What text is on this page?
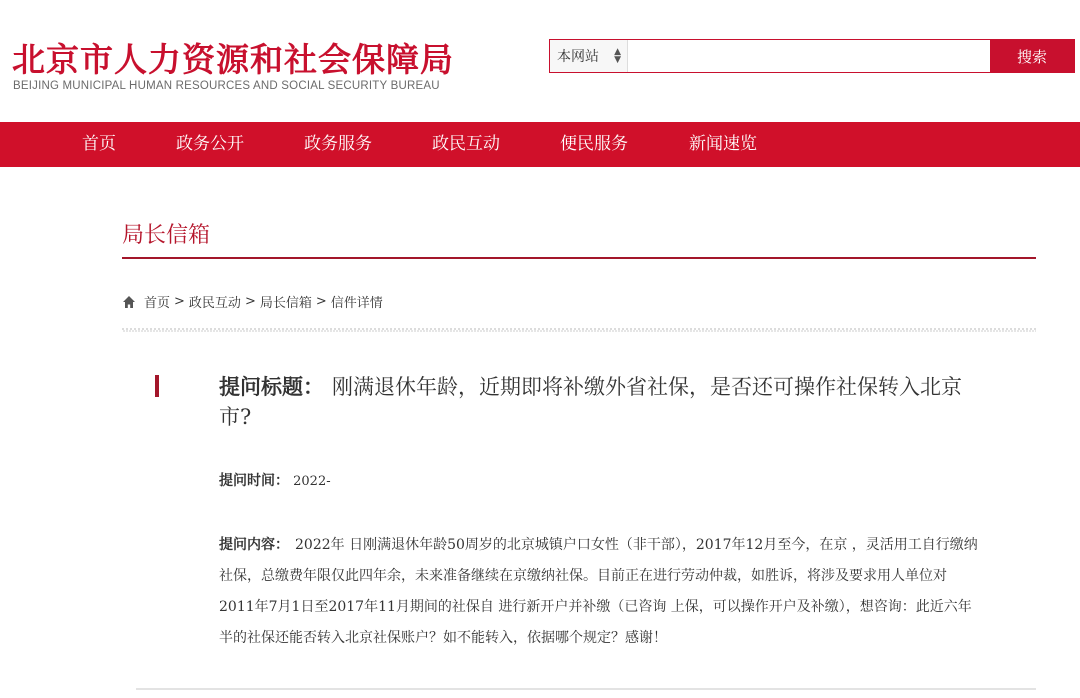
北京市人力资源和社会保障局
BEIJING MUNICIPAL HUMAN RESOURCES AND SOCIAL SECURITY BUREAU
本网站 ▲
▼	搜索
首页	政务公开	政务服务	政民互动	便民服务	新闻速览
局长信箱
首页 > 政民互动 > 局长信箱 > 信件详情
提问标题： 刚满退休年龄，近期即将补缴外省社保，是否还可操作社保转入北京市?
提问时间： 2022-
提问内容： 2022年 日刚满退休年龄50周岁的北京城镇户口女性（非干部），2017年12月至今，在京 ，灵活用工自行缴纳社保，总缴费年限仅此四年余，未来准备继续在京缴纳社保。目前正在进行劳动仲裁，如胜诉，将涉及要求用人单位对2011年7月1日至2017年11月期间的社保自 进行新开户并补缴（已咨询 上保，可以操作开户及补缴），想咨询：此近六年半的社保还能否转入北京社保账户？如不能转入，依据哪个规定？感谢！
